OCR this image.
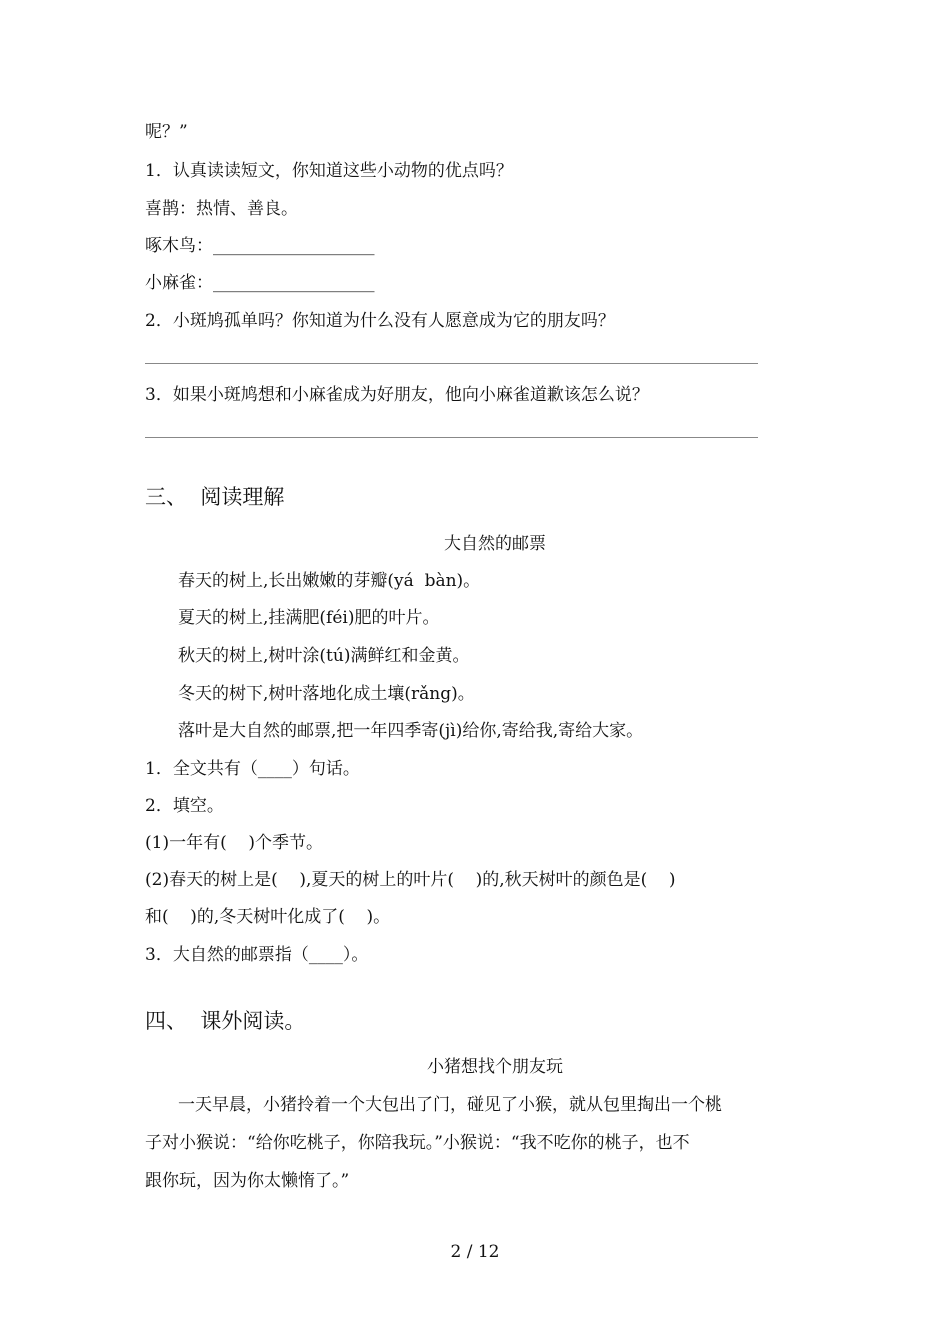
呢？”
1．认真读读短文，你知道这些小动物的优点吗？
喜鹊：热情、善良。
啄木鸟：___________________
小麻雀：___________________
2．小斑鸠孤单吗？你知道为什么没有人愿意成为它的朋友吗？
3．如果小斑鸠想和小麻雀成为好朋友，他向小麻雀道歉该怎么说？
三、  阅读理解
大自然的邮票
春天的树上,长出嫩嫩的芽瓣(yá  bàn)。
夏天的树上,挂满肥(féi)肥的叶片。
秋天的树上,树叶涂(tú)满鲜红和金黄。
冬天的树下,树叶落地化成土壤(rǎng)。
落叶是大自然的邮票,把一年四季寄(jì)给你,寄给我,寄给大家。
1．全文共有（____）句话。
2．填空。
(1)一年有(    )个季节。
(2)春天的树上是(    ),夏天的树上的叶片(    )的,秋天树叶的颜色是(    )
和(    )的,冬天树叶化成了(    )。
3．大自然的邮票指（____）。
四、  课外阅读。
小猪想找个朋友玩
一天早晨，小猪拎着一个大包出了门，碰见了小猴，就从包里掏出一个桃
子对小猴说：“给你吃桃子，你陪我玩。”小猴说：“我不吃你的桃子，也不
跟你玩，因为你太懒惰了。”
2 / 12
